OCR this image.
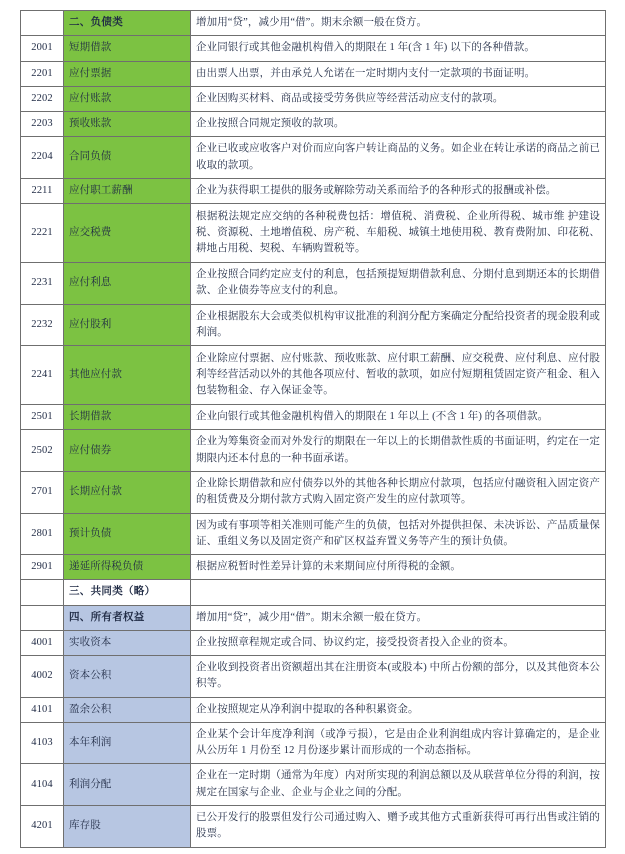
	二、负债类	增加用“贷”，减少用“借”。期末余额一般在贷方。
2001	短期借款	企业同银行或其他金融机构借入的期限在 1 年(含 1 年) 以下的各种借款。
2201	应付票据	由出票人出票，并由承兑人允诺在一定时期内支付一定款项的书面证明。
2202	应付账款	企业因购买材料、商品或接受劳务供应等经营活动应支付的款项。
2203	预收账款	企业按照合同规定预收的款项。
2204	合同负债	企业已收或应收客户对价而应向客户转让商品的义务。如企业在转让承诺的商品之前已收取的款项。
2211	应付职工薪酬	企业为获得职工提供的服务或解除劳动关系而给予的各种形式的报酬或补偿。
2221	应交税费	根据税法规定应交纳的各种税费包括：增值税、消费税、企业所得税、城市维 护建设税、资源税、土地增值税、房产税、车船税、城镇土地使用税、教育费附加、印花税、耕地占用税、契税、车辆购置税等。
2231	应付利息	企业按照合同约定应支付的利息，包括预提短期借款利息、分期付息到期还本的长期借款、企业债券等应支付的利息。
2232	应付股利	企业根据股东大会或类似机构审议批准的利润分配方案确定分配给投资者的现金股利或利润。
2241	其他应付款	企业除应付票据、应付账款、预收账款、应付职工薪酬、应交税费、应付利息、应付股利等经营活动以外的其他各项应付、暂收的款项，如应付短期租赁固定资产租金、租入包装物租金、存入保证金等。
2501	长期借款	企业向银行或其他金融机构借入的期限在 1 年以上 (不含 1 年) 的各项借款。
2502	应付债券	企业为筹集资金而对外发行的期限在一年以上的长期借款性质的书面证明，约定在一定期限内还本付息的一种书面承诺。
2701	长期应付款	企业除长期借款和应付债券以外的其他各种长期应付款项，包括应付融资租入固定资产的租赁费及分期付款方式购入固定资产发生的应付款项等。
2801	预计负债	因为或有事项等相关准则可能产生的负债，包括对外提供担保、未决诉讼、产品质量保证、重组义务以及固定资产和矿区权益弃置义务等产生的预计负债。
2901	递延所得税负债	根据应税暂时性差异计算的未来期间应付所得税的金额。
	三、共同类（略）	
	四、所有者权益	增加用“贷”，减少用“借”。期末余额一般在贷方。
4001	实收资本	企业按照章程规定或合同、协议约定，接受投资者投入企业的资本。
4002	资本公积	企业收到投资者出资额超出其在注册资本(或股本) 中所占份额的部分，以及其他资本公积等。
4101	盈余公积	企业按照规定从净利润中提取的各种积累资金。
4103	本年利润	企业某个会计年度净利润（或净亏损），它是由企业利润组成内容计算确定的，是企业从公历年 1 月份至 12 月份逐步累计而形成的一个动态指标。
4104	利润分配	企业在一定时期（通常为年度）内对所实现的利润总额以及从联营单位分得的利润，按规定在国家与企业、企业与企业之间的分配。
4201	库存股	已公开发行的股票但发行公司通过购入、赠予或其他方式重新获得可再行出售或注销的股票。
